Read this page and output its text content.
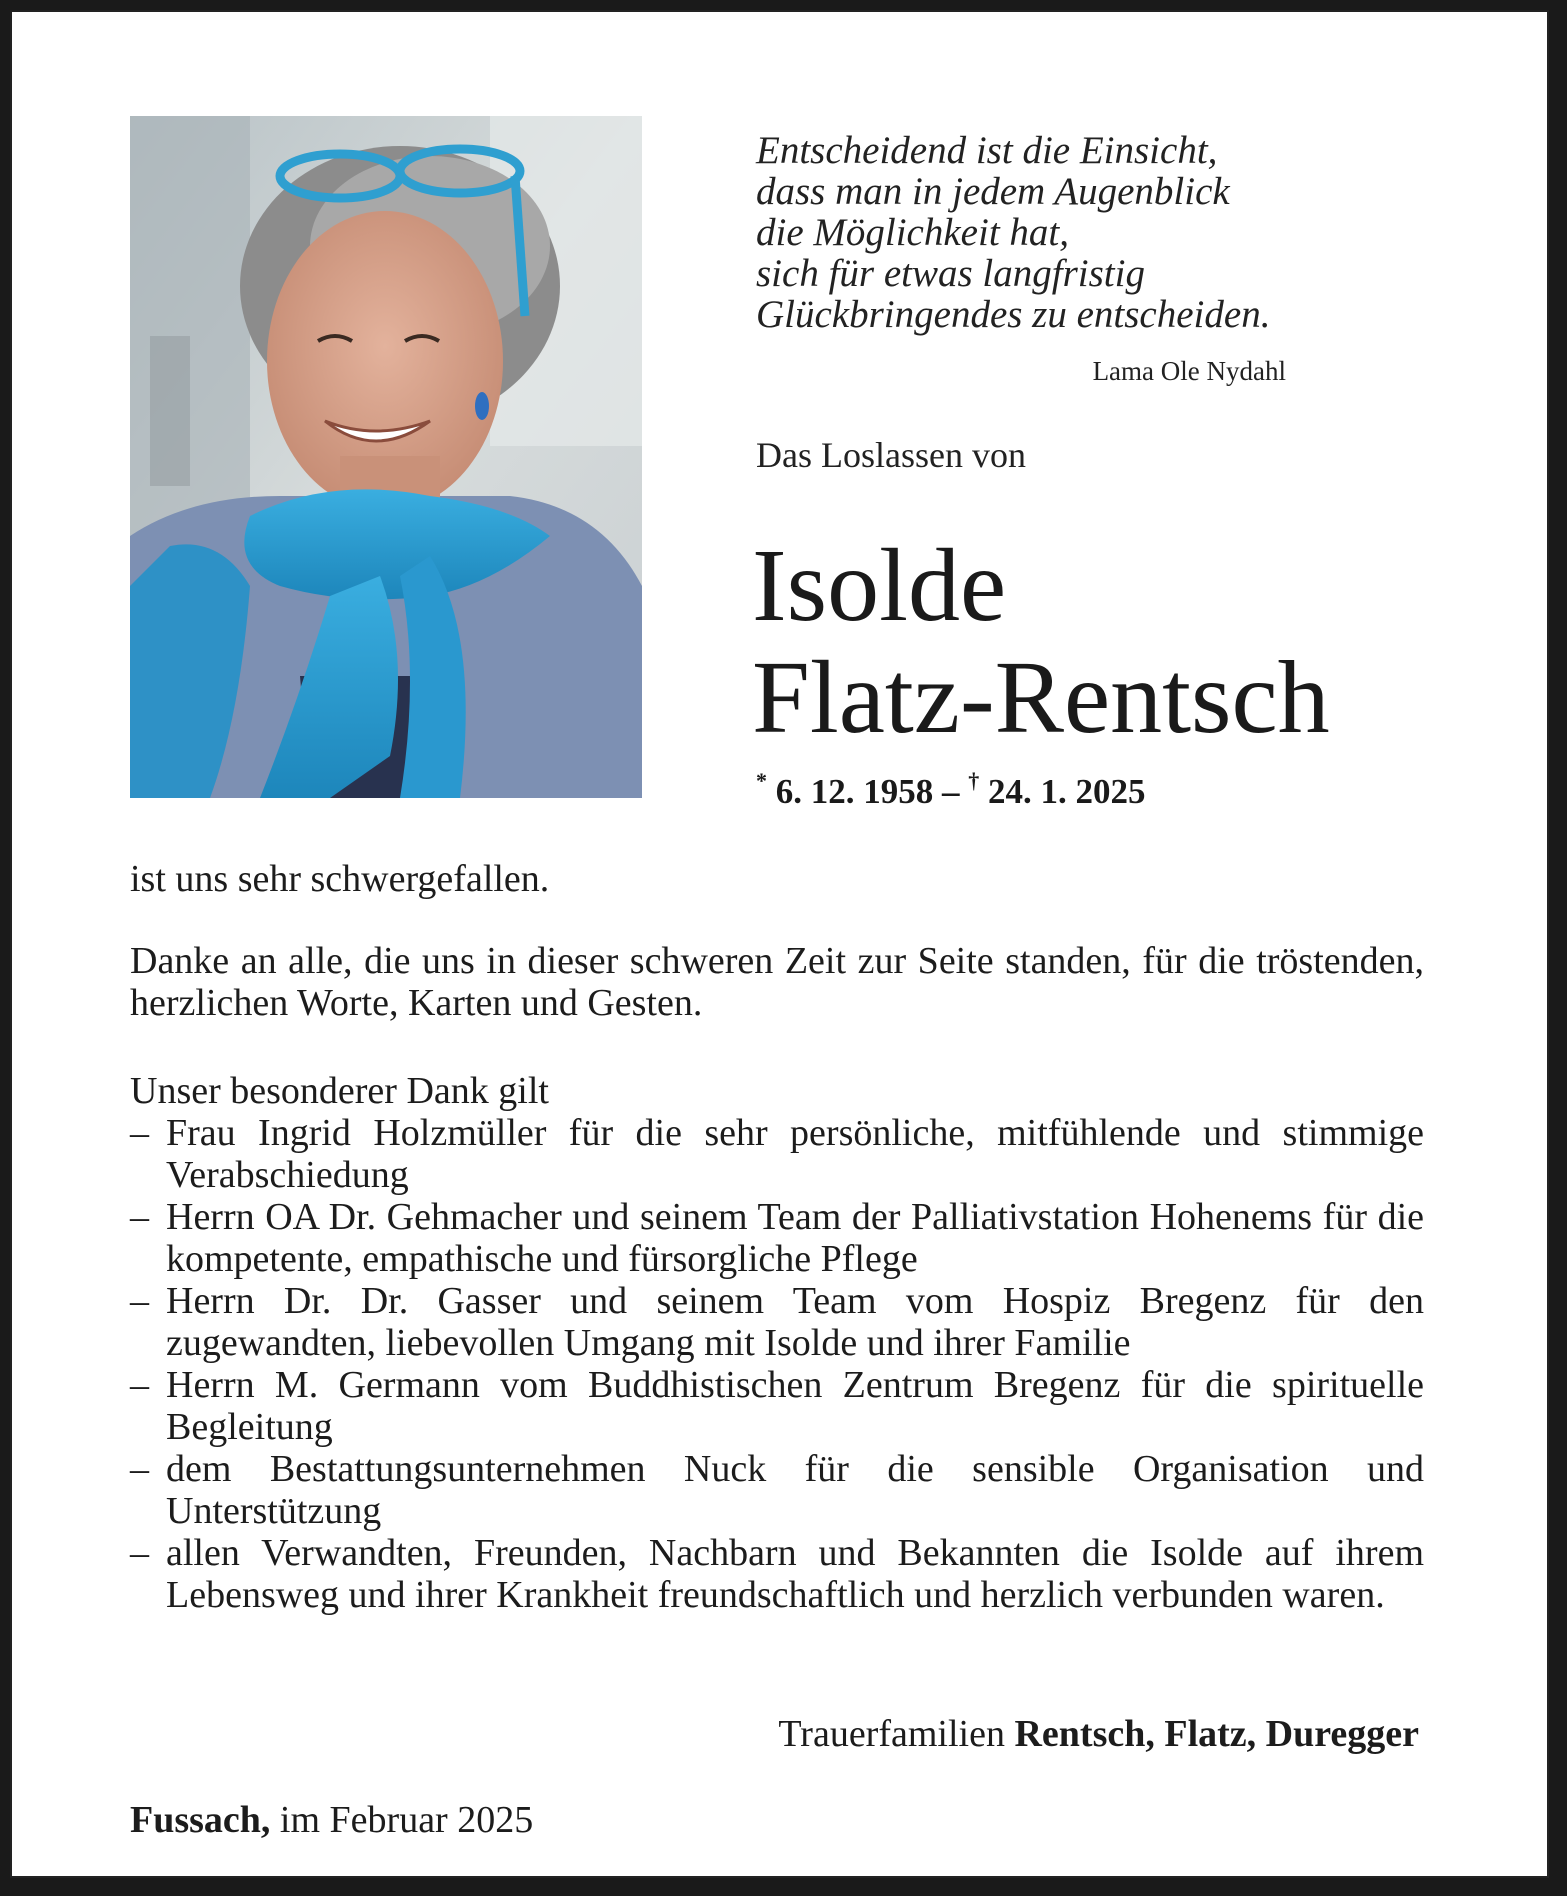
Entscheidend ist die Einsicht,
dass man in jedem Augenblick
die Möglichkeit hat,
sich für etwas langfristig
Glückbringendes zu entscheiden.
Lama Ole Nydahl
Das Loslassen von
Isolde
Flatz-Rentsch
* 6. 12. 1958 – † 24. 1. 2025

ist uns sehr schwergefallen.

Danke an alle, die uns in dieser schweren Zeit zur Seite standen, für die tröstenden, herzlichen Worte, Karten und Gesten.

Unser besonderer Dank gilt

– Frau Ingrid Holzmüller für die sehr persönliche, mitfühlende und stimmige Verabschiedung
– Herrn OA Dr. Gehmacher und seinem Team der Palliativstation Hohenems für die kompetente, empathische und fürsorgliche Pflege
– Herrn Dr. Dr. Gasser und seinem Team vom Hospiz Bregenz für den zugewandten, liebevollen Umgang mit Isolde und ihrer Familie
– Herrn M. Germann vom Buddhistischen Zentrum Bregenz für die spirituelle Begleitung
– dem Bestattungsunternehmen Nuck für die sensible Organisation und Unterstützung
– allen Verwandten, Freunden, Nachbarn und Bekannten die Isolde auf ihrem Lebensweg und ihrer Krankheit freundschaftlich und herzlich verbunden waren.
Trauerfamilien Rentsch, Flatz, Duregger
Fussach, im Februar 2025
